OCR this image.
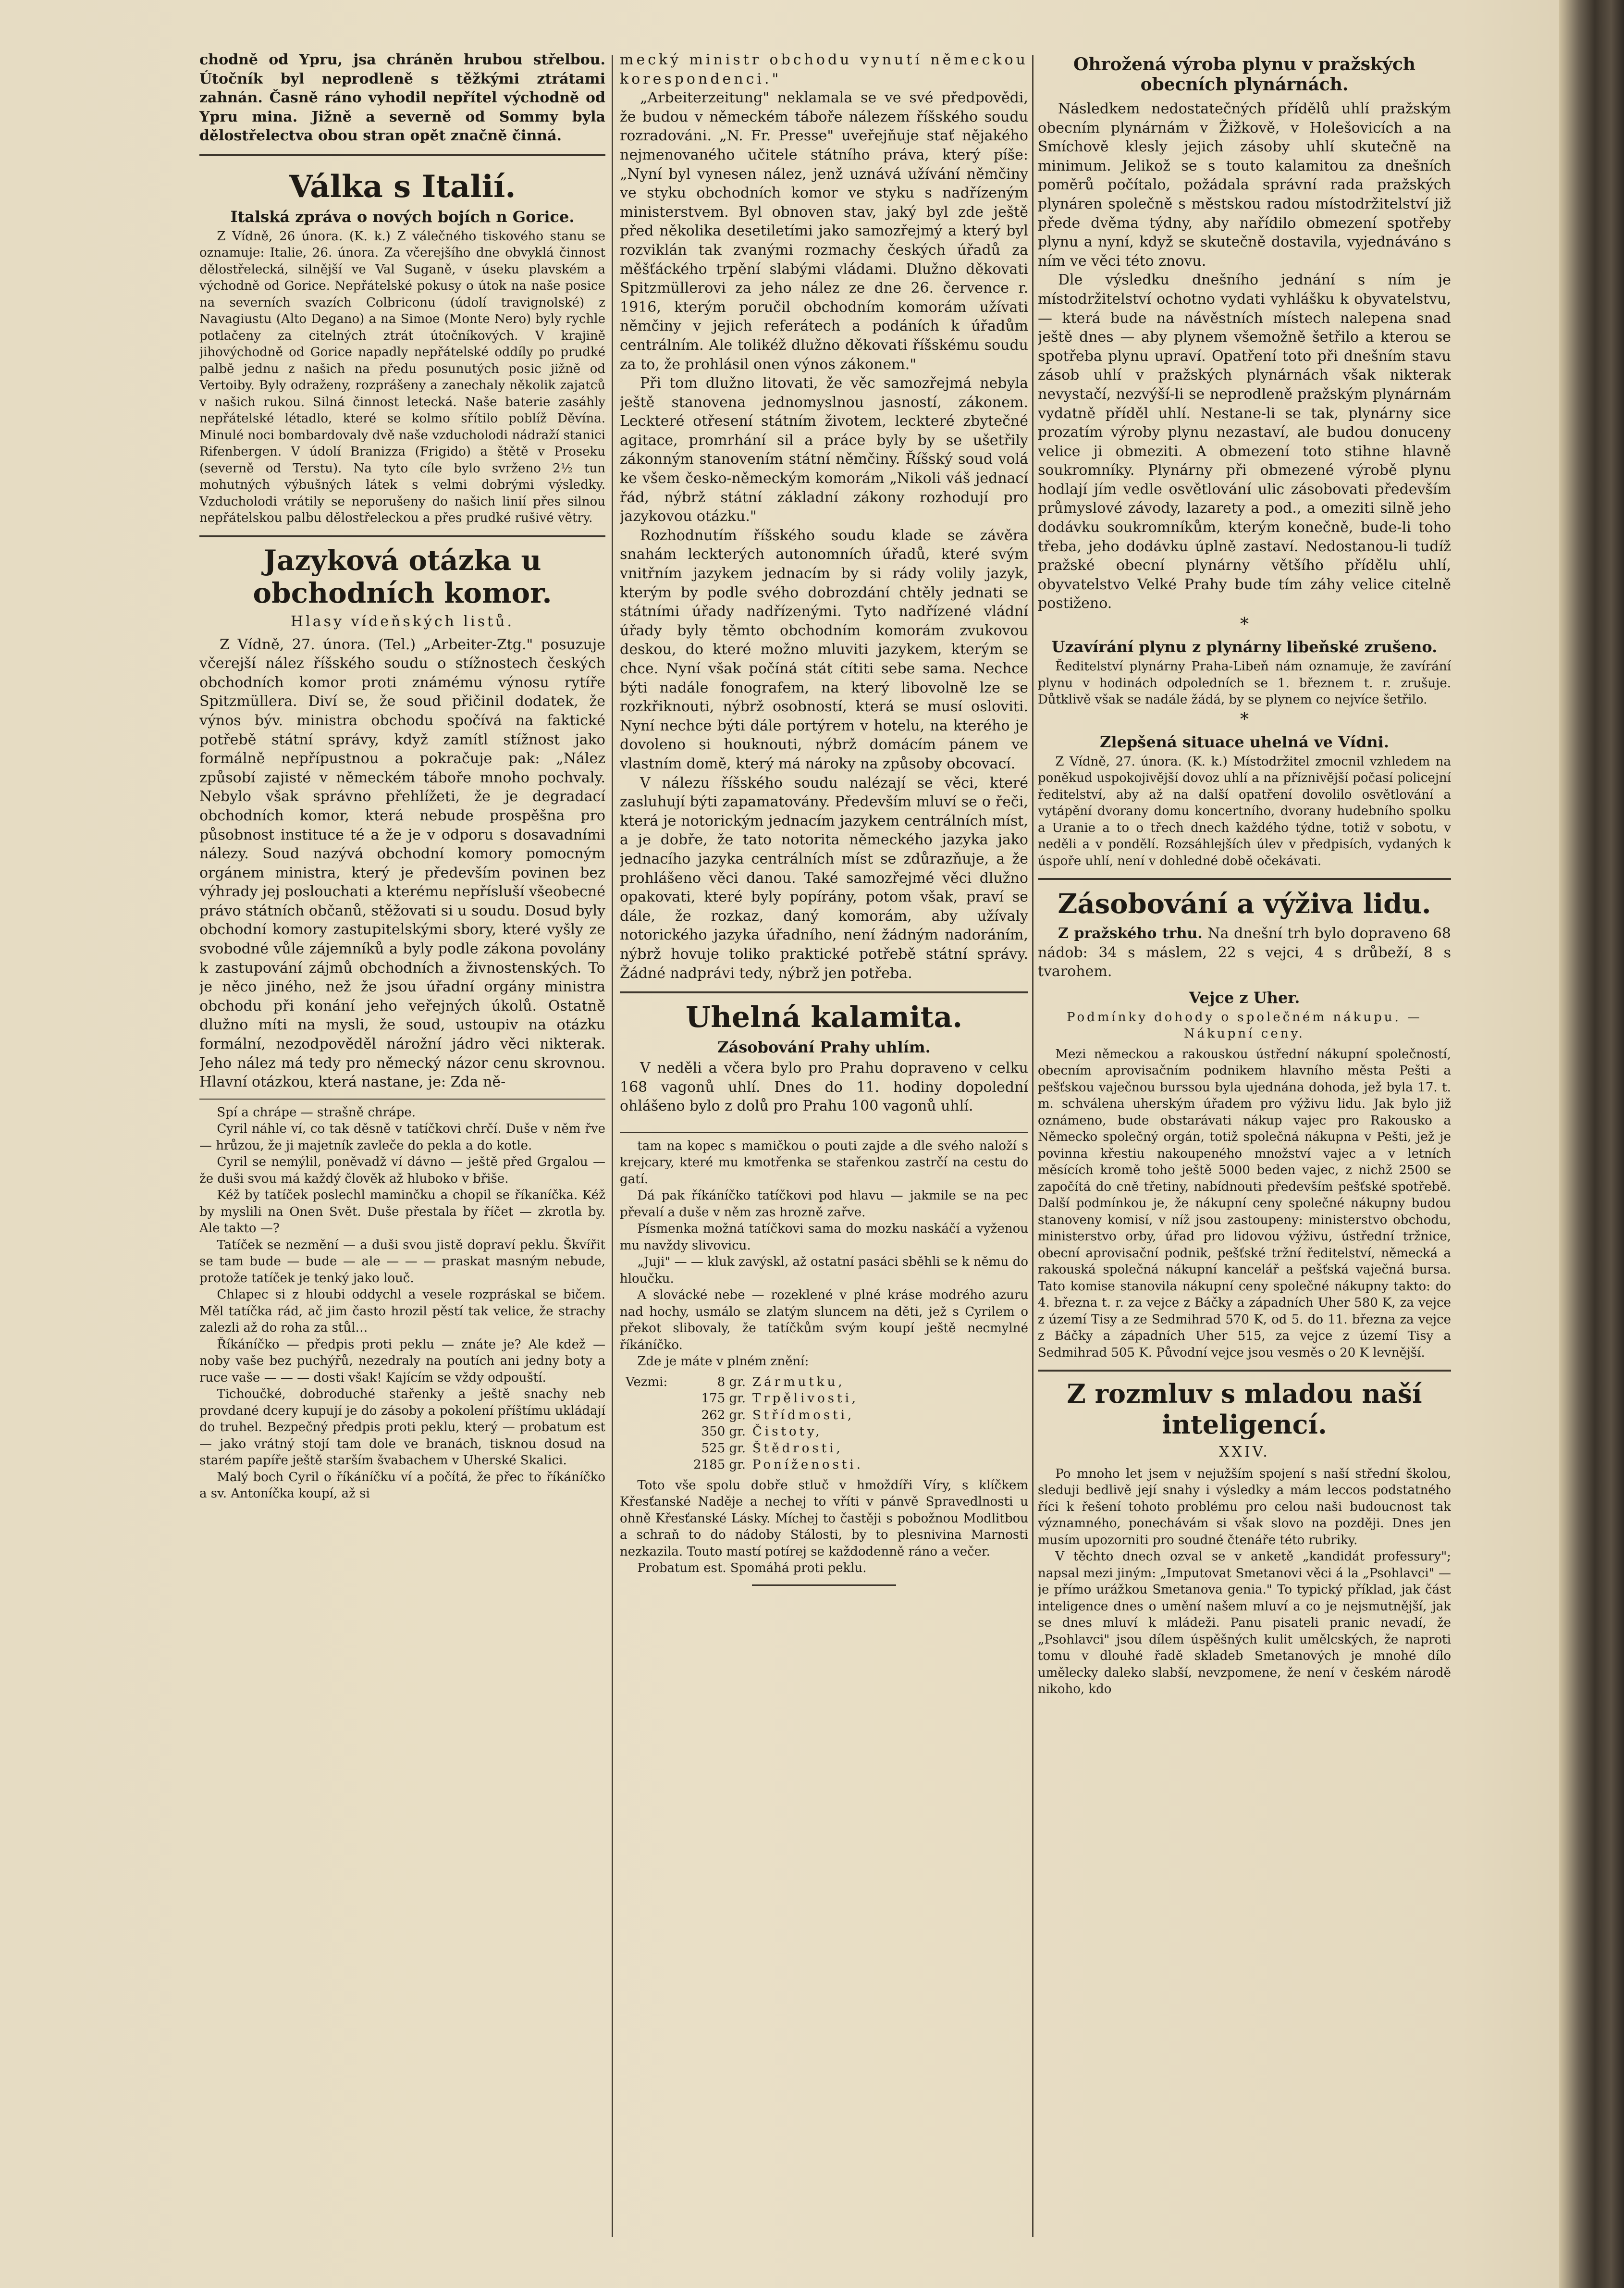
chodně od Ypru, jsa chráněn hrubou střelbou. Útočník byl neprodleně s těžkými ztrátami zahnán. Časně ráno vyhodil nepřítel východně od Ypru mina. Jižně a severně od Sommy byla dělostřelectva obou stran opět značně činná.

Válka s Italií.
Italská zpráva o nových bojích n Gorice.

Z Vídně, 26 února. (K. k.) Z válečného tiskového stanu se oznamuje: Italie, 26. února. Za včerejšího dne obvyklá činnost dělostřelecká, silnější ve Val Suganě, v úseku plavském a východně od Gorice. Nepřátelské pokusy o útok na naše posice na severních svazích Colbriconu (údolí travignolské) z Navagiustu (Alto Degano) a na Simoe (Monte Nero) byly rychle potlačeny za citelných ztrát útočníkových. V krajině jihovýchodně od Gorice napadly nepřátelské oddíly po prudké palbě jednu z našich na předu posunutých posic jižně od Vertoiby. Byly odraženy, rozprášeny a zanechaly několik zajatců v našich rukou. Silná činnost letecká. Naše baterie zasáhly nepřátelské létadlo, které se kolmo sřítilo poblíž Děvína. Minulé noci bombardovaly dvě naše vzducholodi nádraží stanici Rifenbergen. V údolí Branizza (Frigido) a štětě v Proseku (severně od Terstu). Na tyto cíle bylo svrženo 2½ tun mohutných výbušných látek s velmi dobrými výsledky. Vzducholodi vrátily se neporušeny do našich linií přes silnou nepřátelskou palbu dělostřeleckou a přes prudké rušivé větry.

Jazyková otázka u obchodních komor.
Hlasy vídeňských listů.

Z Vídně, 27. února. (Tel.) „Arbeiter-Ztg." posuzuje včerejší nález říšského soudu o stížnostech českých obchodních komor proti známému výnosu rytíře Spitzmüllera. Diví se, že soud přičinil dodatek, že výnos býv. ministra obchodu spočívá na faktické potřebě státní správy, když zamítl stížnost jako formálně nepřípustnou a pokračuje pak: „Nález způsobí zajisté v německém táboře mnoho pochvaly. Nebylo však správno přehlížeti, že je degradací obchodních komor, která nebude prospěšna pro působnost instituce té a že je v odporu s dosavadními nálezy. Soud nazývá obchodní komory pomocným orgánem ministra, který je především povinen bez výhrady jej poslouchati a kterému nepřísluší všeobecné právo státních občanů, stěžovati si u soudu. Dosud byly obchodní komory zastupitelskými sbory, které vyšly ze svobodné vůle zájemníků a byly podle zákona povolány k zastupování zájmů obchodních a živnostenských. To je něco jiného, než že jsou úřadní orgány ministra obchodu při konání jeho veřejných úkolů. Ostatně dlužno míti na mysli, že soud, ustoupiv na otázku formální, nezodpověděl nárožní jádro věci nikterak. Jeho nález má tedy pro německý názor cenu skrovnou. Hlavní otázkou, která nastane, je: Zda ně-

Spí a chrápe — strašně chrápe.

Cyril náhle ví, co tak děsně v tatíčkovi chrčí. Duše v něm řve — hrůzou, že ji majetník zavleče do pekla a do kotle.

Cyril se nemýlil, poněvadž ví dávno — ještě před Grgalou — že duši svou má každý člověk až hluboko v břiše.

Kéž by tatíček poslechl maminčku a chopil se říkaníčka. Kéž by myslili na Onen Svět. Duše přestala by říčet — zkrotla by. Ale takto —?

Tatíček se nezmění — a duši svou jistě dopraví peklu. Škvířit se tam bude — bude — ale — — — praskat masným nebude, protože tatíček je tenký jako louč.

Chlapec si z hloubi oddychl a vesele rozpráskal se bičem. Měl tatíčka rád, ač jim často hrozil pěstí tak velice, že strachy zalezli až do roha za stůl…

Říkáníčko — předpis proti peklu — znáte je? Ale kdež — noby vaše bez puchýřů, nezedraly na poutích ani jedny boty a ruce vaše — — — dosti však! Kajícím se vždy odpouští.

Tichoučké, dobroduché stařenky a ještě snachy neb provdané dcery kupují je do zásoby a pokolení příštímu ukládají do truhel. Bezpečný předpis proti peklu, který — probatum est — jako vrátný stojí tam dole ve branách, tisknou dosud na starém papíře ještě starším švabachem v Uherské Skalici.

Malý boch Cyril o říkáníčku ví a počítá, že přec to říkáníčko a sv. Antoníčka koupí, až si

mecký ministr obchodu vynutí německou korespondenci."

„Arbeiterzeitung" neklamala se ve své předpovědi, že budou v německém táboře nálezem říšského soudu rozradováni. „N. Fr. Presse" uveřejňuje stať nějakého nejmenovaného učitele státního práva, který píše: „Nyní byl vynesen nález, jenž uznává užívání němčiny ve styku obchodních komor ve styku s nadřízeným ministerstvem. Byl obnoven stav, jaký byl zde ještě před několika desetiletími jako samozřejmý a který byl rozviklán tak zvanými rozmachy českých úřadů za měšťáckého trpění slabými vládami. Dlužno děkovati Spitzmüllerovi za jeho nález ze dne 26. července r. 1916, kterým poručil obchodním komorám užívati němčiny v jejich referátech a podáních k úřadům centrálním. Ale tolikéž dlužno děkovati říšskému soudu za to, že prohlásil onen výnos zákonem."

Při tom dlužno litovati, že věc samozřejmá nebyla ještě stanovena jednomyslnou jasností, zákonem. Leckteré otřesení státním životem, leckteré zbytečné agitace, promrhání sil a práce byly by se ušetřily zákonným stanovením státní němčiny. Říšský soud volá ke všem česko-německým komorám „Nikoli váš jednací řád, nýbrž státní základní zákony rozhodují pro jazykovou otázku."

Rozhodnutím říšského soudu klade se závěra snahám leckterých autonomních úřadů, které svým vnitřním jazykem jednacím by si rády volily jazyk, kterým by podle svého dobrozdání chtěly jednati se státními úřady nadřízenými. Tyto nadřízené vládní úřady byly těmto obchodním komorám zvukovou deskou, do které možno mluviti jazykem, kterým se chce. Nyní však počíná stát cítiti sebe sama. Nechce býti nadále fonografem, na který libovolně lze se rozkřiknouti, nýbrž osobností, která se musí osloviti. Nyní nechce býti dále portýrem v hotelu, na kterého je dovoleno si houknouti, nýbrž domácím pánem ve vlastním domě, který má nároky na způsoby obcovací.

V nálezu říšského soudu nalézají se věci, které zasluhují býti zapamatovány. Především mluví se o řeči, která je notorickým jednacím jazykem centrálních míst, a je dobře, že tato notorita německého jazyka jako jednacího jazyka centrálních míst se zdůrazňuje, a že prohlášeno věci danou. Také samozřejmé věci dlužno opakovati, které byly popírány, potom však, praví se dále, že rozkaz, daný komorám, aby užívaly notorického jazyka úřadního, není žádným nadoráním, nýbrž hovuje toliko praktické potřebě státní správy. Žádné nadprávi tedy, nýbrž jen potřeba.

Uhelná kalamita.
Zásobování Prahy uhlím.

V neděli a včera bylo pro Prahu dopraveno v celku 168 vagonů uhlí. Dnes do 11. hodiny dopolední ohlášeno bylo z dolů pro Prahu 100 vagonů uhlí.

tam na kopec s mamičkou o pouti zajde a dle svého naloží s krejcary, které mu kmotřenka se stařenkou zastrčí na cestu do gatí.

Dá pak říkáníčko tatíčkovi pod hlavu — jakmile se na pec převalí a duše v něm zas hrozně zařve.

Písmenka možná tatíčkovi sama do mozku naskáčí a vyženou mu navždy slivovicu.

„Juji" — — kluk zavýskl, až ostatní pasáci sběhli se k němu do hloučku.

A slovácké nebe — rozeklené v plné kráse modrého azuru nad hochy, usmálo se zlatým sluncem na děti, jež s Cyrilem o překot slibovaly, že tatíčkům svým koupí ještě necmylné říkáníčko.

Zde je máte v plném znění:

Vezmi:	8 gr. Zármutku,
175 gr. Trpělivosti,
262 gr. Střídmosti,
350 gr. Čistoty,
525 gr. Štědrosti,
2185 gr. Poníženosti.

Toto vše spolu dobře stluč v hmoždíři Víry, s klíčkem Křesťanské Naděje a nechej to vříti v pánvě Spravedlnosti u ohně Křesťanské Lásky. Míchej to častěji s pobožnou Modlitbou a schraň to do nádoby Stálosti, by to plesnivina Marnosti nezkazila. Touto mastí potírej se každodenně ráno a večer.

Probatum est. Spomáhá proti peklu.

Ohrožená výroba plynu v pražských obecních plynárnách.

Následkem nedostatečných přídělů uhlí pražským obecním plynárnám v Žižkově, v Holešovicích a na Smíchově klesly jejich zásoby uhlí skutečně na minimum. Jelikož se s touto kalamitou za dnešních poměrů počítalo, požádala správní rada pražských plynáren společně s městskou radou místodržitelství již přede dvěma týdny, aby nařídilo obmezení spotřeby plynu a nyní, když se skutečně dostavila, vyjednáváno s ním ve věci této znovu.

Dle výsledku dnešního jednání s ním je místodržitelství ochotno vydati vyhlášku k obyvatelstvu, — která bude na návěstních místech nalepena snad ještě dnes — aby plynem všemožně šetřilo a kterou se spotřeba plynu upraví. Opatření toto při dnešním stavu zásob uhlí v pražských plynárnách však nikterak nevystačí, nezvýší-li se neprodleně pražským plynárnám vydatně příděl uhlí. Nestane-li se tak, plynárny sice prozatím výroby plynu nezastaví, ale budou donuceny velice ji obmeziti. A obmezení toto stihne hlavně soukromníky. Plynárny při obmezené výrobě plynu hodlají jím vedle osvětlování ulic zásobovati především průmyslové závody, lazarety a pod., a omeziti silně jeho dodávku soukromníkům, kterým konečně, bude-li toho třeba, jeho dodávku úplně zastaví. Nedostanou-li tudíž pražské obecní plynárny většího přídělu uhlí, obyvatelstvo Velké Prahy bude tím záhy velice citelně postiženo.

*
Uzavírání plynu z plynárny libeňské zrušeno.

Ředitelství plynárny Praha-Libeň nám oznamuje, že zavírání plynu v hodinách odpoledních se 1. březnem t. r. zrušuje. Důtklivě však se nadále žádá, by se plynem co nejvíce šetřilo.

*
Zlepšená situace uhelná ve Vídni.

Z Vídně, 27. února. (K. k.) Místodržitel zmocnil vzhledem na poněkud uspokojivější dovoz uhlí a na příznivější počasí policejní ředitelství, aby až na další opatření dovolilo osvětlování a vytápění dvorany domu koncertního, dvorany hudebního spolku a Uranie a to o třech dnech každého týdne, totiž v sobotu, v neděli a v pondělí. Rozsáhlejších úlev v předpisích, vydaných k úspoře uhlí, není v dohledné době očekávati.

Zásobování a výživa lidu.

Z pražského trhu. Na dnešní trh bylo dopraveno 68 nádob: 34 s máslem, 22 s vejci, 4 s drůbeží, 8 s tvarohem.

Vejce z Uher.
Podmínky dohody o společném nákupu. — Nákupní ceny.

Mezi německou a rakouskou ústřední nákupní společností, obecním aprovisačním podnikem hlavního města Pešti a pešťskou vaječnou burssou byla ujednána dohoda, jež byla 17. t. m. schválena uherským úřadem pro výživu lidu. Jak bylo již oznámeno, bude obstarávati nákup vajec pro Rakousko a Německo společný orgán, totiž společná nákupna v Pešti, jež je povinna křestiu nakoupeného množství vajec a v letních měsících kromě toho ještě 5000 beden vajec, z nichž 2500 se započítá do cně třetiny, nabídnouti především pešťské spotřebě. Další podmínkou je, že nákupní ceny společné nákupny budou stanoveny komisí, v níž jsou zastoupeny: ministerstvo obchodu, ministerstvo orby, úřad pro lidovou výživu, ústřední tržnice, obecní aprovisační podnik, pešťské tržní ředitelství, německá a rakouská společná nákupní kancelář a pešťská vaječná bursa. Tato komise stanovila nákupní ceny společné nákupny takto: do 4. března t. r. za vejce z Báčky a západních Uher 580 K, za vejce z území Tisy a ze Sedmihrad 570 K, od 5. do 11. března za vejce z Báčky a západních Uher 515, za vejce z území Tisy a Sedmihrad 505 K. Původní vejce jsou vesměs o 20 K levnější.

Z rozmluv s mladou naší inteligencí.
XXIV.

Po mnoho let jsem v nejužším spojení s naší střední školou, sleduji bedlivě její snahy i výsledky a mám leccos podstatného říci k řešení tohoto problému pro celou naši budoucnost tak významného, ponechávám si však slovo na později. Dnes jen musím upozorniti pro soudné čtenáře této rubriky.

V těchto dnech ozval se v anketě „kandidát professury"; napsal mezi jiným: „Imputovat Smetanovi věci á la „Psohlavci" — je přímo urážkou Smetanova genia." To typický příklad, jak část inteligence dnes o umění našem mluví a co je nejsmutnější, jak se dnes mluví k mládeži. Panu pisateli pranic nevadí, že „Psohlavci" jsou dílem úspěšných kulit umělcských, že naproti tomu v dlouhé řadě skladeb Smetanových je mnohé dílo umělecky daleko slabší, nevzpomene, že není v českém národě nikoho, kdo
